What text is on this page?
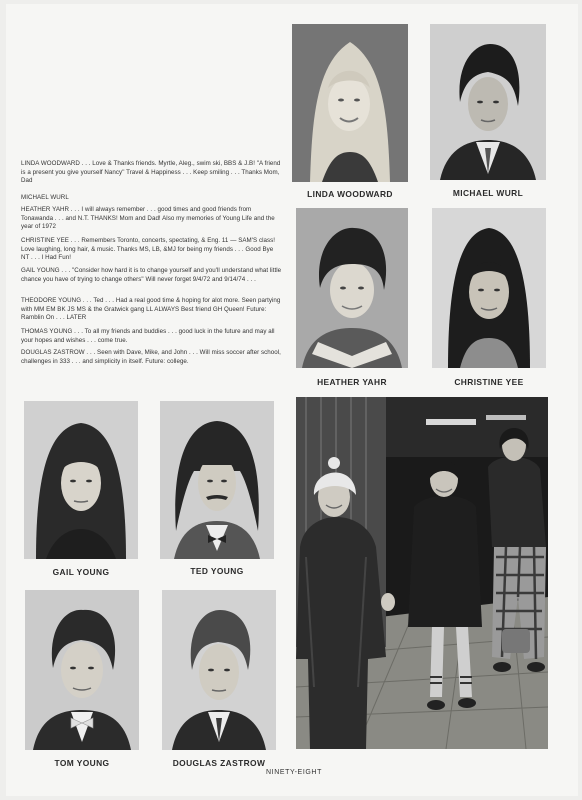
LINDA WOODWARD . . . Love & Thanks friends. Myrtle, Aleg., swim ski, BBS & J.B! "A friend is a present you give yourself Nancy" Travel & Happiness . . . Keep smiling . . . Thanks Mom, Dad
MICHAEL WURL
HEATHER YAHR . . . I will always remember . . . good times and good friends from Tonawanda . . . and N.T. THANKS! Mom and Dad! Also my memories of Young Life and the year of 1972
CHRISTINE YEE . . . Remembers Toronto, concerts, spectating, & Eng. 11 — SAM'S class! Love laughing, long hair, & music. Thanks MS, LB, &MJ for being my friends . . . Good Bye NT . . . I Had Fun!
GAIL YOUNG . . . "Consider how hard it is to change yourself and you'll understand what little chance you have of trying to change others" Will never forget 9/4/72 and 9/14/74 . . .
THEODORE YOUNG . . . Ted . . . Had a real good time & hoping for alot more. Seen partying with MM EM BK JS MS & the Gratwick gang LL ALWAYS Best friend GH Queen! Future: Ramblin On . . . LATER
THOMAS YOUNG . . . To all my friends and buddies . . . good luck in the future and may all your hopes and wishes . . . come true.
DOUGLAS ZASTROW . . . Seen with Dave, Mike, and John . . . Will miss soccer after school, challenges in 333 . . . and simplicity in itself. Future: college.
LINDA WOODWARD	MICHAEL WURL
HEATHER YAHR	CHRISTINE YEE
GAIL YOUNG	TED YOUNG
TOM YOUNG	DOUGLAS ZASTROW
NINETY-EIGHT
